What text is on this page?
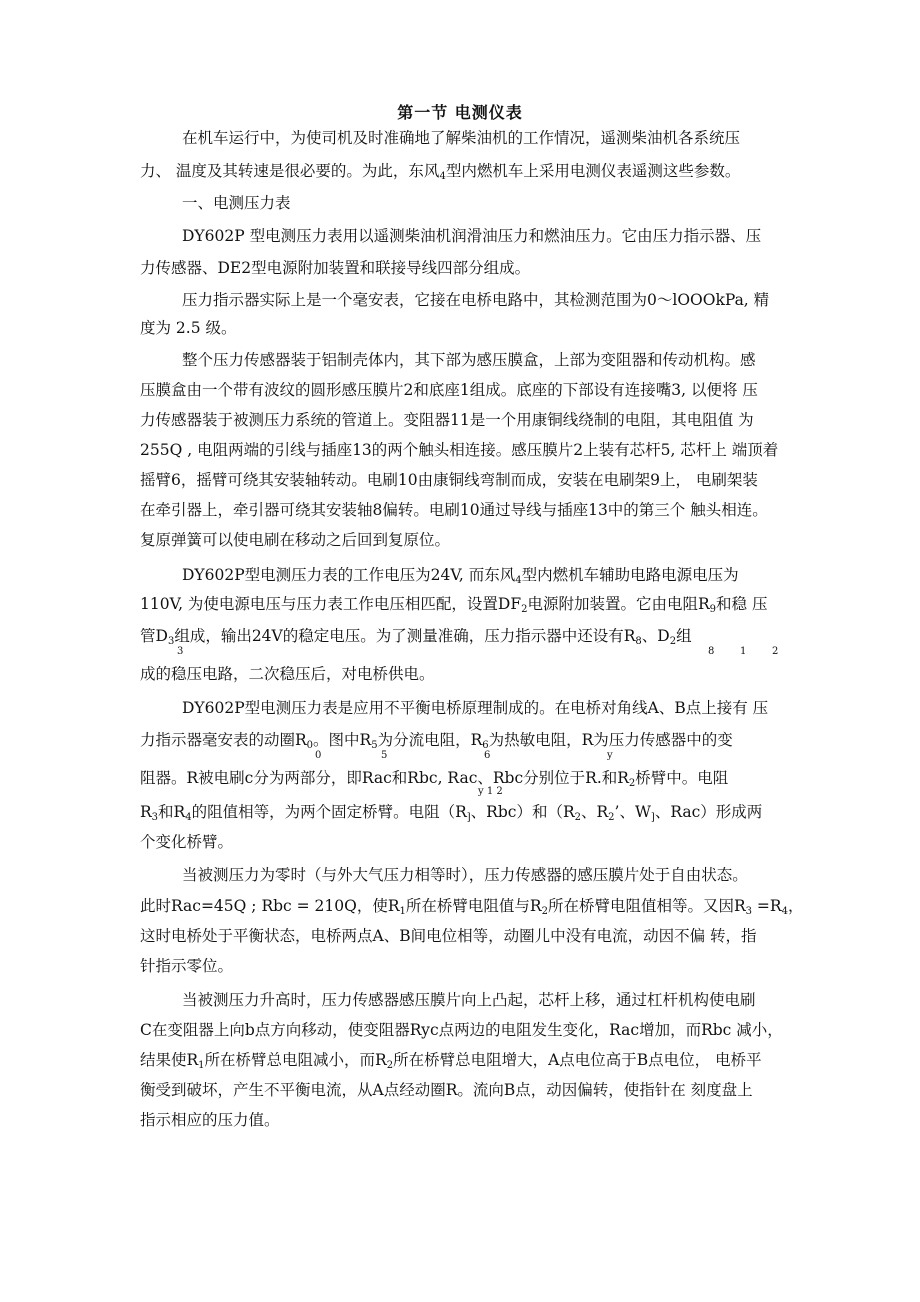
第一节 电测仪表
在机车运行中，为使司机及时准确地了解柴油机的工作情况，遥测柴油机各系统压
力、 温度及其转速是很必要的。为此，东风$_4$型内燃机车上采用电测仪表遥测这些参数。
一、电测压力表
DY602P 型电测压力表用以遥测柴油机润滑油压力和燃油压力。它由压力指示器、压
力传感器、DE2型电源附加装置和联接导线四部分组成。
压力指示器实际上是一个毫安表，它接在电桥电路中，其检测范围为0～lOOOkPa, 精
度为 2.5 级。
整个压力传感器装于铝制壳体内，其下部为感压膜盒，上部为变阻器和传动机构。感
压膜盒由一个带有波纹的圆形感压膜片2和底座1组成。底座的下部设有连接嘴3, 以便将 压
力传感器装于被测压力系统的管道上。变阻器11是一个用康铜线绕制的电阻，其电阻值 为
255Q , 电阻两端的引线与插座13的两个触头相连接。感压膜片2上装有芯杆5, 芯杆上 端顶着
摇臂6，摇臂可绕其安装轴转动。电刷10由康铜线弯制而成，安装在电刷架9上， 电刷架装
在牵引器上，牵引器可绕其安装轴8偏转。电刷10通过导线与插座13中的第三个 触头相连。
复原弹簧可以使电刷在移动之后回到复原位。
DY602P型电测压力表的工作电压为24V, 而东风$_4$型内燃机车辅助电路电源电压为
110V, 为使电源电压与压力表工作电压相匹配，设置$DF_2$电源附加装置。它由电阻$R_9$和稳 压
管$D_3$组成，输出24V的稳定电压。为了测量准确，压力指示器中还设有$R_8$、$D_2$组
3	8	1	2
成的稳压电路，二次稳压后，对电桥供电。
DY602P型电测压力表是应用不平衡电桥原理制成的。在电桥对角线A、B点上接有 压
力指示器毫安表的动圈$R_0$。图中$R_5$为分流电阻，$R_6$为热敏电阻，R为压力传感器中的变
0	5	6	y
阻器。R被电刷c分为两部分，即Rac和Rbc, Rac、Rbc分别位于R.和$R_2$桥臂中。电阻
y 1 2
$R_3$和$R_4$的阻值相等，为两个固定桥臂。电阻（$R_]$、Rbc）和（$R_2$、$R_2$’、$W_]$、Rac）形成两
个变化桥臂。
当被测压力为零时（与外大气压力相等时），压力传感器的感压膜片处于自由状态。
此时Rac=45Q ; Rbc = 210Q，使$R_1$所在桥臂电阻值与$R_2$所在桥臂电阻值相等。又因$R_3 =R_4$，
这时电桥处于平衡状态，电桥两点A、B间电位相等，动圈儿中没有电流，动因不偏 转，指
针指示零位。
当被测压力升高时，压力传感器感压膜片向上凸起，芯杆上移，通过杠杆机构使电刷
C在变阻器上向b点方向移动，使变阻器Ryc点两边的电阻发生变化，Rac增加，而Rbc 减小，
结果使$R_1$所在桥臂总电阻减小，而$R_2$所在桥臂总电阻增大，A点电位高于B点电位， 电桥平
衡受到破坏，产生不平衡电流，从A点经动圈R。流向B点，动因偏转，使指针在 刻度盘上
指示相应的压力值。
